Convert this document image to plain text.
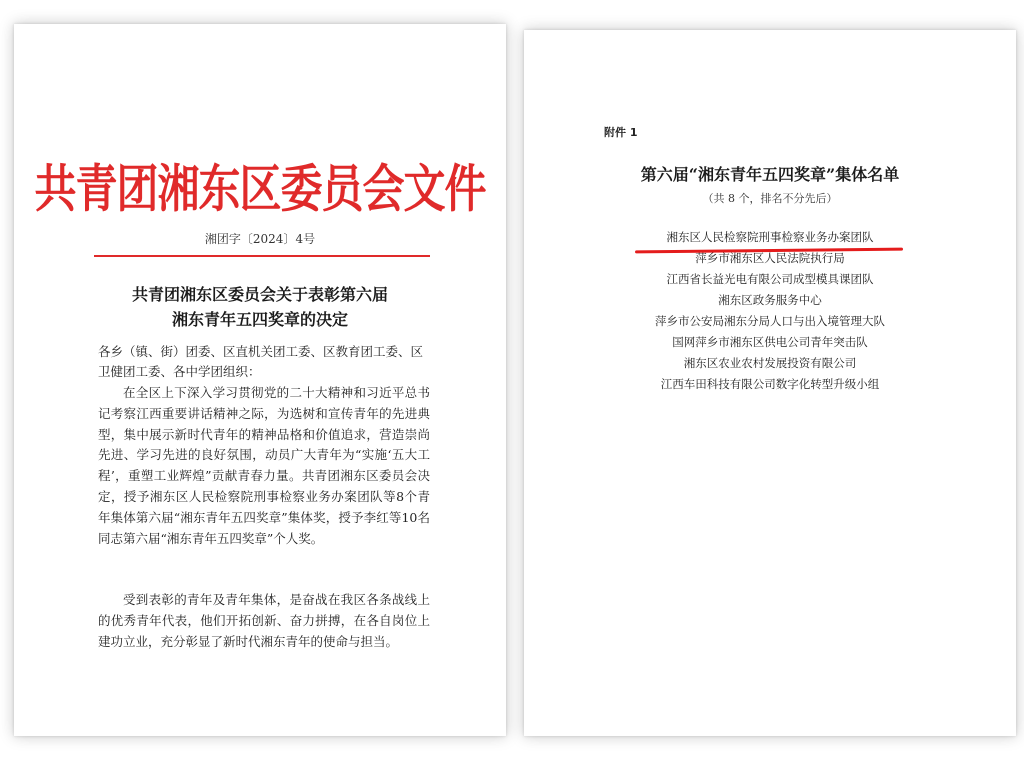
共青团湘东区委员会文件
湘团字〔2024〕4号
共青团湘东区委员会关于表彰第六届
湘东青年五四奖章的决定
各乡（镇、街）团委、区直机关团工委、区教育团工委、区卫健团工委、各中学团组织：

在全区上下深入学习贯彻党的二十大精神和习近平总书记考察江西重要讲话精神之际，为选树和宣传青年的先进典型，集中展示新时代青年的精神品格和价值追求，营造崇尚先进、学习先进的良好氛围，动员广大青年为“实施‘五大工程’，重塑工业辉煌”贡献青春力量。共青团湘东区委员会决定，授予湘东区人民检察院刑事检察业务办案团队等8个青年集体第六届“湘东青年五四奖章”集体奖，授予李红等10名同志第六届“湘东青年五四奖章”个人奖。

受到表彰的青年及青年集体，是奋战在我区各条战线上的优秀青年代表，他们开拓创新、奋力拼搏，在各自岗位上建功立业，充分彰显了新时代湘东青年的使命与担当。

附件 1
第六届“湘东青年五四奖章”集体名单
（共 8 个，排名不分先后）
湘东区人民检察院刑事检察业务办案团队
萍乡市湘东区人民法院执行局
江西省长益光电有限公司成型模具课团队
湘东区政务服务中心
萍乡市公安局湘东分局人口与出入境管理大队
国网萍乡市湘东区供电公司青年突击队
湘东区农业农村发展投资有限公司
江西车田科技有限公司数字化转型升级小组
